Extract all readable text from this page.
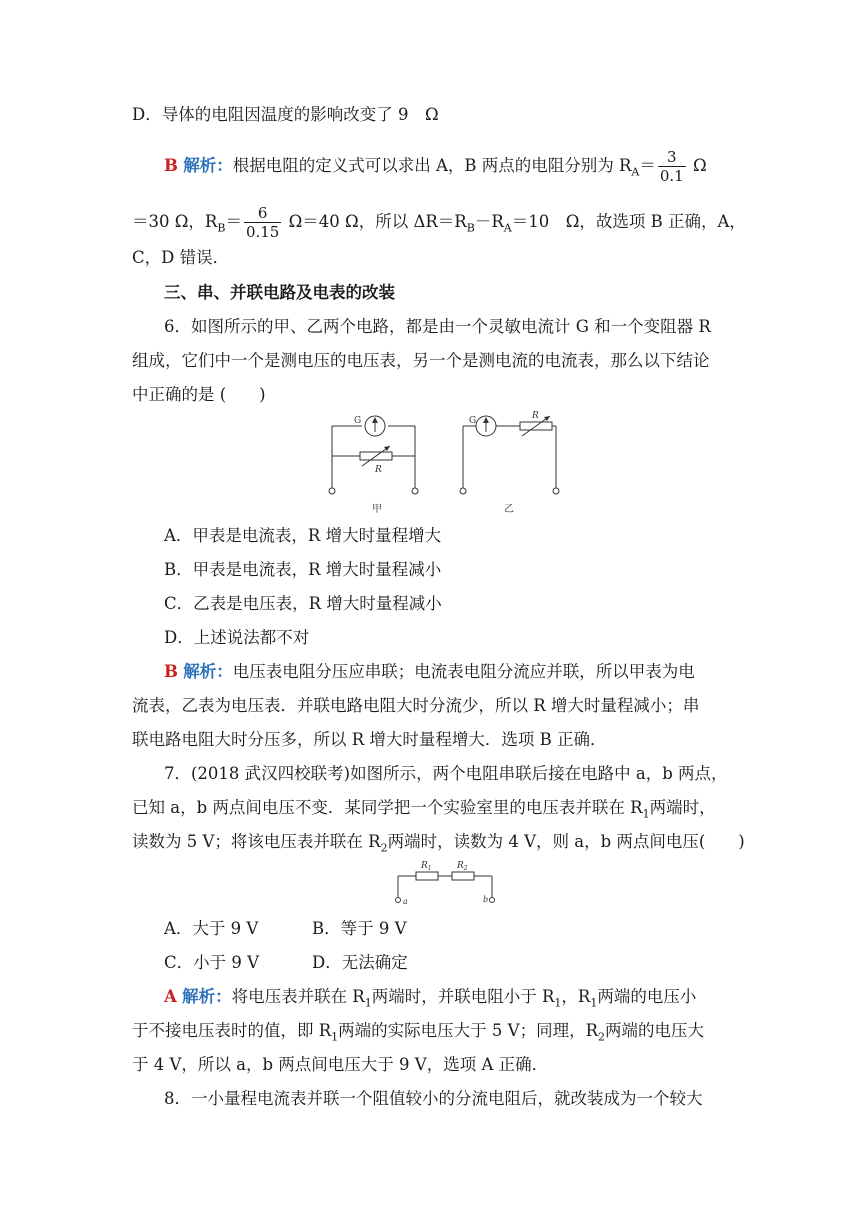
D．导体的电阻因温度的影响改变了 9　Ω
B 解析：根据电阻的定义式可以求出 A，B 两点的电阻分别为 $R_A= \frac{3}{0.1}$ Ω
＝30 Ω，$R_B= \frac{6}{0.15} \Omega=40$ Ω，所以 $\Delta R=R_B-R_A=10$　Ω，故选项 B 正确，A，
C，D 错误．
三、串、并联电路及电表的改装
6．如图所示的甲、乙两个电路，都是由一个灵敏电流计 G 和一个变阻器 R
组成，它们中一个是测电压的电压表，另一个是测电流的电流表，那么以下结论
中正确的是 (　　)
G
R
甲
G	R
乙
A．甲表是电流表，R 增大时量程增大
B．甲表是电流表，R 增大时量程减小
C．乙表是电压表，R 增大时量程减小
D．上述说法都不对
B 解析：电压表电阻分压应串联；电流表电阻分流应并联，所以甲表为电
流表，乙表为电压表．并联电路电阻大时分流少，所以 R 增大时量程减小；串
联电路电阻大时分压多，所以 R 增大时量程增大．选项 B 正确．
7．(2018 武汉四校联考)如图所示，两个电阻串联后接在电路中 a，b 两点，
已知 a，b 两点间电压不变．某同学把一个实验室里的电压表并联在 $R_1$两端时，
读数为 5 V；将该电压表并联在 $R_2$两端时，读数为 4 V，则 a，b 两点间电压(　　)
$R_1$	$R_2$
a	b
A．大于 9 V	B．等于 9 V
C．小于 9 V	D．无法确定
A 解析：将电压表并联在 $R_1$两端时，并联电阻小于 $R_1$，$R_1$两端的电压小
于不接电压表时的值，即 $R_1$两端的实际电压大于 5 V；同理，$R_2$两端的电压大
于 4 V，所以 a，b 两点间电压大于 9 V，选项 A 正确．
8．一小量程电流表并联一个阻值较小的分流电阻后，就改装成为一个较大
